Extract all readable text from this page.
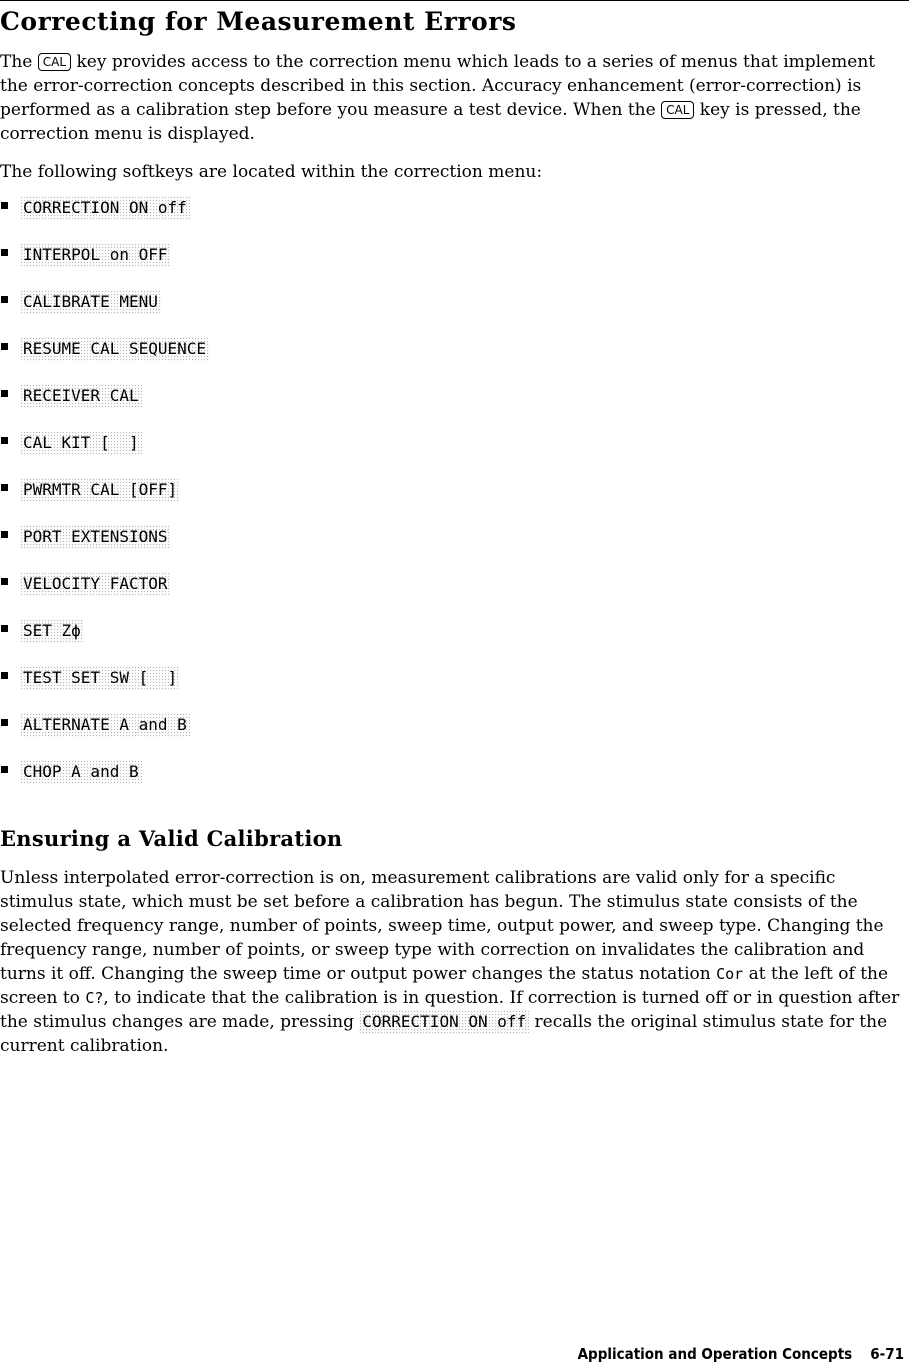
Correcting for Measurement Errors

The CAL key provides access to the correction menu which leads to a series of menus that implement the error-correction concepts described in this section. Accuracy enhancement (error-correction) is performed as a calibration step before you measure a test device. When the CAL key is pressed, the correction menu is displayed.

The following softkeys are located within the correction menu:

CORRECTION ON off
INTERPOL on OFF
CALIBRATE MENU
RESUME CAL SEQUENCE
RECEIVER CAL
CAL KIT [  ]
PWRMTR CAL [OFF]
PORT EXTENSIONS
VELOCITY FACTOR
SET Zϕ
TEST SET SW [  ]
ALTERNATE A and B
CHOP A and B
Ensuring a Valid Calibration

Unless interpolated error-correction is on, measurement calibrations are valid only for a specific stimulus state, which must be set before a calibration has begun. The stimulus state consists of the selected frequency range, number of points, sweep time, output power, and sweep type. Changing the frequency range, number of points, or sweep type with correction on invalidates the calibration and turns it off. Changing the sweep time or output power changes the status notation Cor at the left of the screen to C?, to indicate that the calibration is in question. If correction is turned off or in question after the stimulus changes are made, pressing CORRECTION ON off recalls the original stimulus state for the current calibration.

Application and Operation Concepts 6-71
